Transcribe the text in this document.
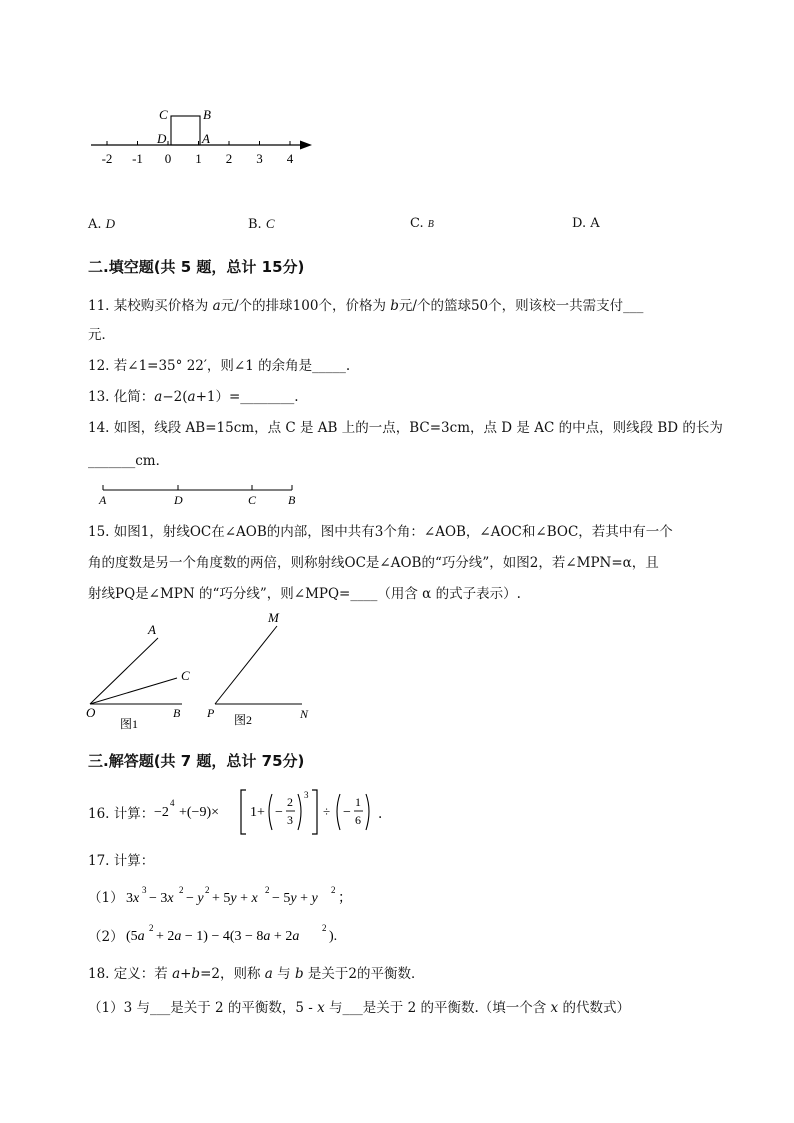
-2 -1 0 1 2 3 4
C	B
D	A
A. D	B. C	C. B	D. A
二.填空题(共 5 题，总计 15分)
11. 某校购买价格为 a元/个的排球100个，价格为 b元/个的篮球50个，则该校一共需支付___
元．
12. 若∠1=35° 22′，则∠1 的余角是_____.
13. 化简：a−2(a+1）=________.
14. 如图，线段 AB=15cm，点 C 是 AB 上的一点，BC=3cm，点 D 是 AC 的中点，则线段 BD 的长为
_______cm．
A	D	C	B
15. 如图1，射线OC在∠AOB的内部，图中共有3个角：∠AOB，∠AOC和∠BOC，若其中有一个
角的度数是另一个角度数的两倍，则称射线OC是∠AOB的“巧分线”，如图2，若∠MPN=α，且
射线PQ是∠MPN 的“巧分线”，则∠MPQ=____（用含 α 的式子表示）.
A
C
O	B
图1
M
P	N
图2
三.解答题(共 7 题，总计 75分)
16. 计算： −2
4
+(−9)× 1+ −
2
3
3
÷ −
1
6 .
17. 计算：
（1） 3x
3
− 3x
2
− y
2
+ 5y + x
2
− 5y + y
2
；
（2） (5a
2
+ 2a − 1) − 4(3 − 8a + 2a
2
).
18. 定义：若 a+b=2，则称 a 与 b 是关于2的平衡数．
（1）3 与___是关于 2 的平衡数，5 - x 与___是关于 2 的平衡数.（填一个含 x 的代数式）
